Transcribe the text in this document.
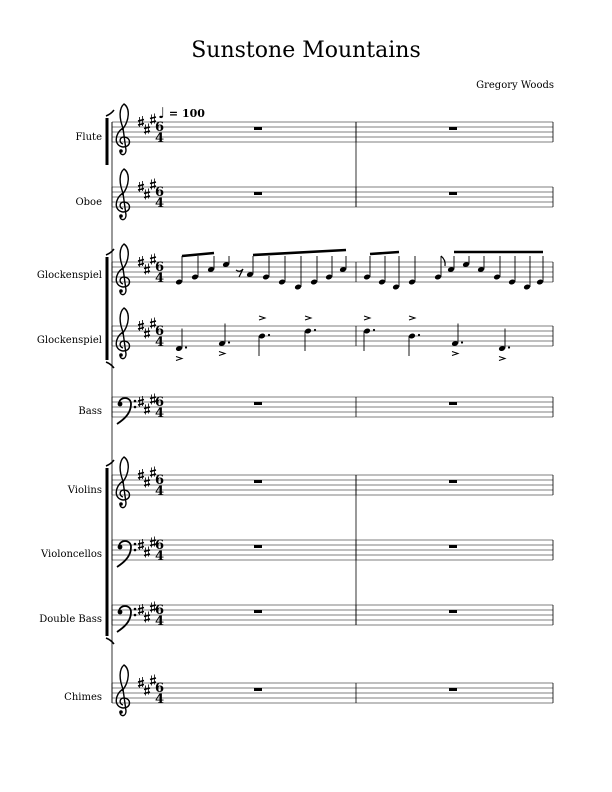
Sunstone Mountains
Gregory Woods
♩ = 100
Flute
Oboe
Glockenspiel
Glockenspiel
Bass
Violins
Violoncellos
Double Bass
Chimes
6
4
6
4
6
4
6
4
6
4
6
4
6
4
6
4
6
4
